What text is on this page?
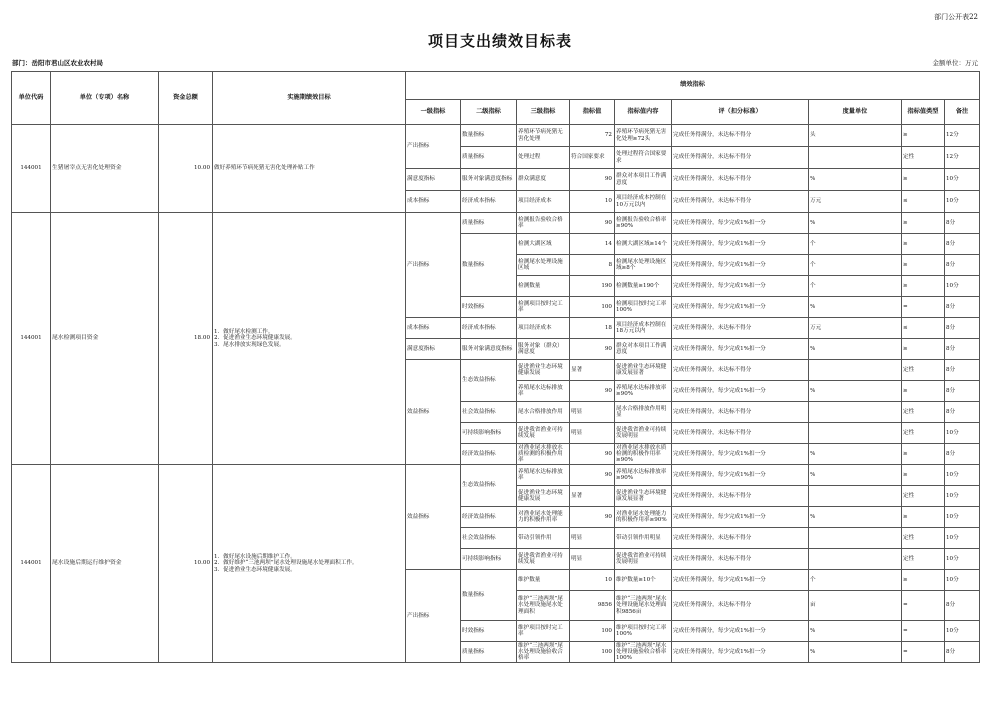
部门公开表22
项目支出绩效目标表
部门：岳阳市君山区农业农村局	金额单位：万元
单位代码	单位（专项）名称	资金总额	实施期绩效目标	绩效指标								
				一级指标	二级指标	三级指标	指标值	指标值内容	评（扣分标准）	度量单位	指标值类型	备注
144001	生猪屠宰点无害化处理资金	10.00	做好养殖环节病死猪无害化处理补贴工作	产出指标	数量指标	养殖环节病死猪无害化处理	72	养殖环节病死猪无害化处理≥72头	完成任务得满分，未达标不得分	头	≥	12分
					质量指标	处理过程	符合国家要求	处理过程符合国家要求	完成任务得满分，未达标不得分		定性	12分
				满意度指标	服务对象满意度指标	群众满意度	90	群众对本项目工作满意度	完成任务得满分，未达标不得分	%	≥	10分
				成本指标	经济成本指标	项目经济成本	10	项目经济成本控制在10万元以内	完成任务得满分，未达标不得分	万元	≤	10分
144001	尾水检测项目资金	18.00	1．做好尾水检测工作。
2．促进渔业生态环境健康发展。
3．尾水排放实现绿色发展。	产出指标	质量指标	检测报告验收合格率	90	检测报告验收合格率≥90%	完成任务得满分，每少完成1%扣一分	%	≥	8分
					数量指标	检测大湖区域	14	检测大湖区域≥14个	完成任务得满分，每少完成1%扣一分	个	≥	8分
						检测尾水处理设施区域	8	检测尾水处理设施区域≥8个	完成任务得满分，每少完成1%扣一分	个	≥	8分
						检测数量	190	检测数量≥190个	完成任务得满分，每少完成1%扣一分	个	≥	10分
					时效指标	检测项目按时完工率	100	检测项目按时完工率100%	完成任务得满分，每少完成1%扣一分	%	=	8分
				成本指标	经济成本指标	项目经济成本	18	项目经济成本控制在18万元以内	完成任务得满分，未达标不得分	万元	≤	8分
				满意度指标	服务对象满意度指标	服务对象（群众）满意度	90	群众对本项目工作满意度	完成任务得满分，每少完成1%扣一分	%	≥	8分
				效益指标	生态效益指标	促进渔业生态环境健康发展	显著	促进渔业生态环境健康发展显著	完成任务得满分，未达标不得分		定性	8分
						养殖尾水达标排放率	90	养殖尾水达标排放率≥90%	完成任务得满分，每少完成1%扣一分	%	≥	8分
					社会效益指标	尾水合格排放作用	明显	尾水合格排放作用明显	完成任务得满分，未达标不得分		定性	8分
					可持续影响指标	促进我省渔业可持续发展	明显	促进我省渔业可持续发展明显	完成任务得满分，未达标不得分		定性	10分
					经济效益指标	对渔业尾水排放水质检测的积极作用率	90	对渔业尾水排放水质检测的积极作用率≥90%	完成任务得满分，每少完成1%扣一分	%	≥	8分
144001	尾水设施后期运行维护资金	10.00	1．做好尾水设施后期维护工作。
2．做好维护“三池两坝”尾水处理设施尾水处理面积工作。
3．促进渔业生态环境健康发展。	效益指标	生态效益指标	养殖尾水达标排放率	90	养殖尾水达标排放率≥90%	完成任务得满分，每少完成1%扣一分	%	≥	10分
						促进渔业生态环境健康发展	显著	促进渔业生态环境健康发展显著	完成任务得满分，未达标不得分		定性	10分
					经济效益指标	对渔业尾水处理能力的积极作用率	90	对渔业尾水处理能力的积极作用率≥90%	完成任务得满分，每少完成1%扣一分	%	≥	10分
					社会效益指标	带动引领作用	明显	带动引领作用明显	完成任务得满分，未达标不得分		定性	10分
					可持续影响指标	促进我省渔业可持续发展	明显	促进我省渔业可持续发展明显	完成任务得满分，未达标不得分		定性	10分
				产出指标	数量指标	维护数量	10	维护数量≥10个	完成任务得满分，每少完成1%扣一分	个	≥	10分
						维护“三池两坝”尾水处理设施尾水处理面积	9856	维护“三池两坝”尾水处理设施尾水处理面积9856亩	完成任务得满分，未达标不得分	亩	=	8分
					时效指标	维护项目按时完工率	100	维护项目按时完工率100%	完成任务得满分，每少完成1%扣一分	%	=	10分
					质量指标	维护“三池两坝”尾水处理设施验收合格率	100	维护“三池两坝”尾水处理设施验收合格率100%	完成任务得满分，每少完成1%扣一分	%	=	8分
